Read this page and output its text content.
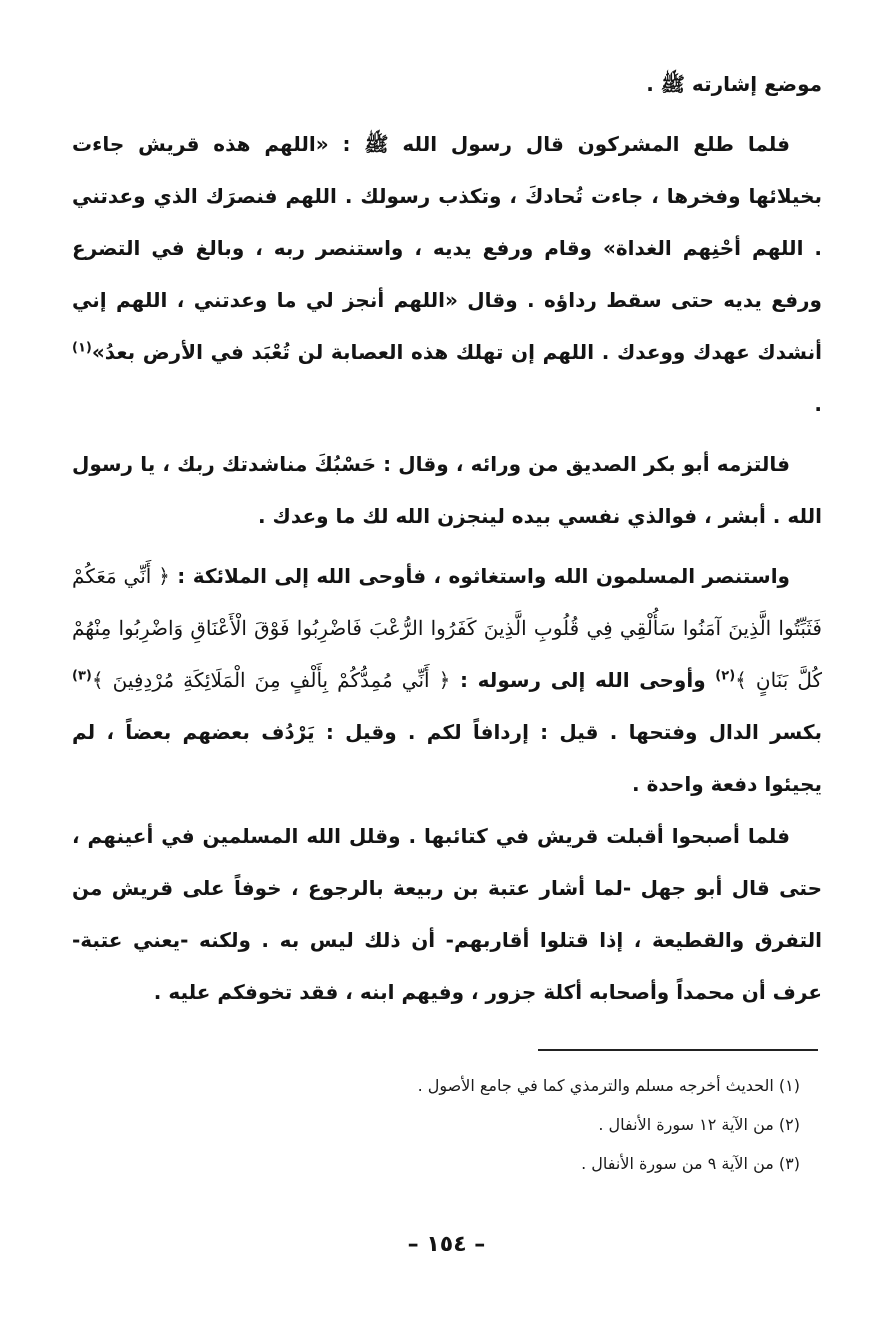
موضع إشارته ﷺ .

فلما طلع المشركون قال رسول الله ﷺ : «اللهم هذه قريش جاءت بخيلائها وفخرها ، جاءت تُحادكَ ، وتكذب رسولك . اللهم فنصرَك الذي وعدتني . اللهم أحْنِهم الغداة» وقام ورفع يديه ، واستنصر ربه ، وبالغ في التضرع ورفع يديه حتى سقط رداؤه . وقال «اللهم أنجز لي ما وعدتني ، اللهم إني أنشدك عهدك ووعدك . اللهم إن تهلك هذه العصابة لن تُعْبَد في الأرض بعدُ»$^{(١)}$ .

فالتزمه أبو بكر الصديق من ورائه ، وقال : حَسْبُكَ مناشدتك ربك ، يا رسول الله . أبشر ، فوالذي نفسي بيده لينجزن الله لك ما وعدك .

واستنصر المسلمون الله واستغاثوه ، فأوحى الله إلى الملائكة : ﴿ أَنِّي مَعَكُمْ فَثَبِّتُوا الَّذِينَ آمَنُوا سَأُلْقِي فِي قُلُوبِ الَّذِينَ كَفَرُوا الرُّعْبَ فَاضْرِبُوا فَوْقَ الْأَعْنَاقِ وَاضْرِبُوا مِنْهُمْ كُلَّ بَنَانٍ ﴾$^{(٢)}$ وأوحى الله إلى رسوله : ﴿ أَنِّي مُمِدُّكُمْ بِأَلْفٍ مِنَ الْمَلَائِكَةِ مُرْدِفِينَ ﴾$^{(٣)}$ بكسر الدال وفتحها . قيل : إردافاً لكم . وقيل : يَرْدُف بعضهم بعضاً ، لم يجيئوا دفعة واحدة .

فلما أصبحوا أقبلت قريش في كتائبها . وقلل الله المسلمين في أعينهم ، حتى قال أبو جهل -لما أشار عتبة بن ربيعة بالرجوع ، خوفاً على قريش من التفرق والقطيعة ، إذا قتلوا أقاربهم- أن ذلك ليس به . ولكنه -يعني عتبة- عرف أن محمداً وأصحابه أكلة جزور ، وفيهم ابنه ، فقد تخوفكم عليه .

(١) الحديث أخرجه مسلم والترمذي كما في جامع الأصول .
(٢) من الآية ١٢ سورة الأنفال .
(٣) من الآية ٩ من سورة الأنفال .
– ١٥٤ –
